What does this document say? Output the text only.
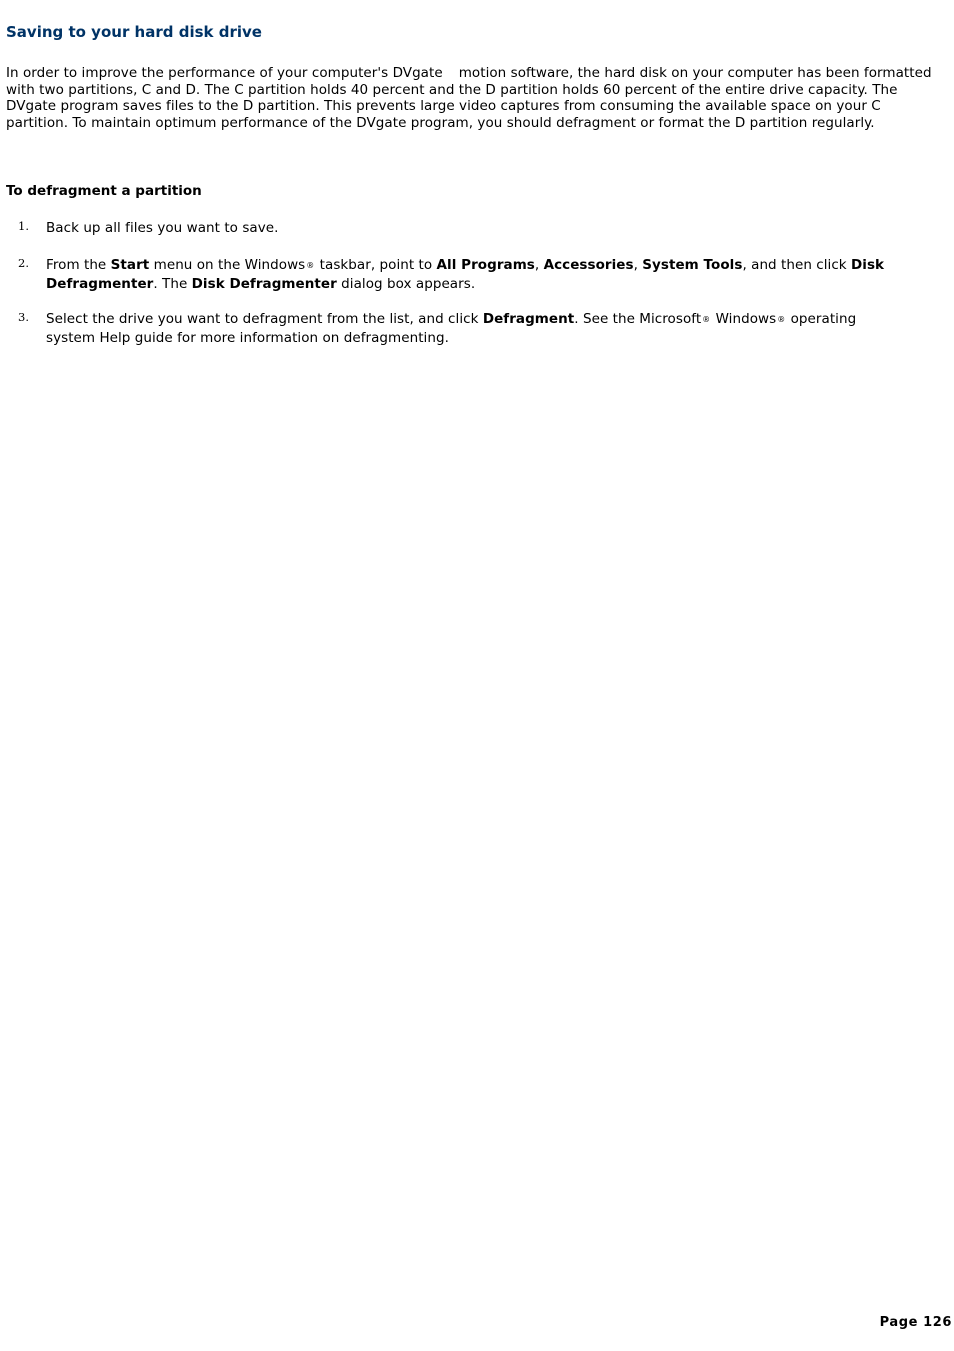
Saving to your hard disk drive

In order to improve the performance of your computer's DVgate motion software, the hard disk on your computer has been formatted with two partitions, C and D. The C partition holds 40 percent and the D partition holds 60 percent of the entire drive capacity. The DVgate program saves files to the D partition. This prevents large video captures from consuming the available space on your C partition. To maintain optimum performance of the DVgate program, you should defragment or format the D partition regularly.

To defragment a partition
1. Back up all files you want to save.
2. From the Start menu on the Windows® taskbar, point to All Programs, Accessories, System Tools, and then click Disk Defragmenter. The Disk Defragmenter dialog box appears.
3. Select the drive you want to defragment from the list, and click Defragment. See the Microsoft® Windows® operating system Help guide for more information on defragmenting.
Page 126
